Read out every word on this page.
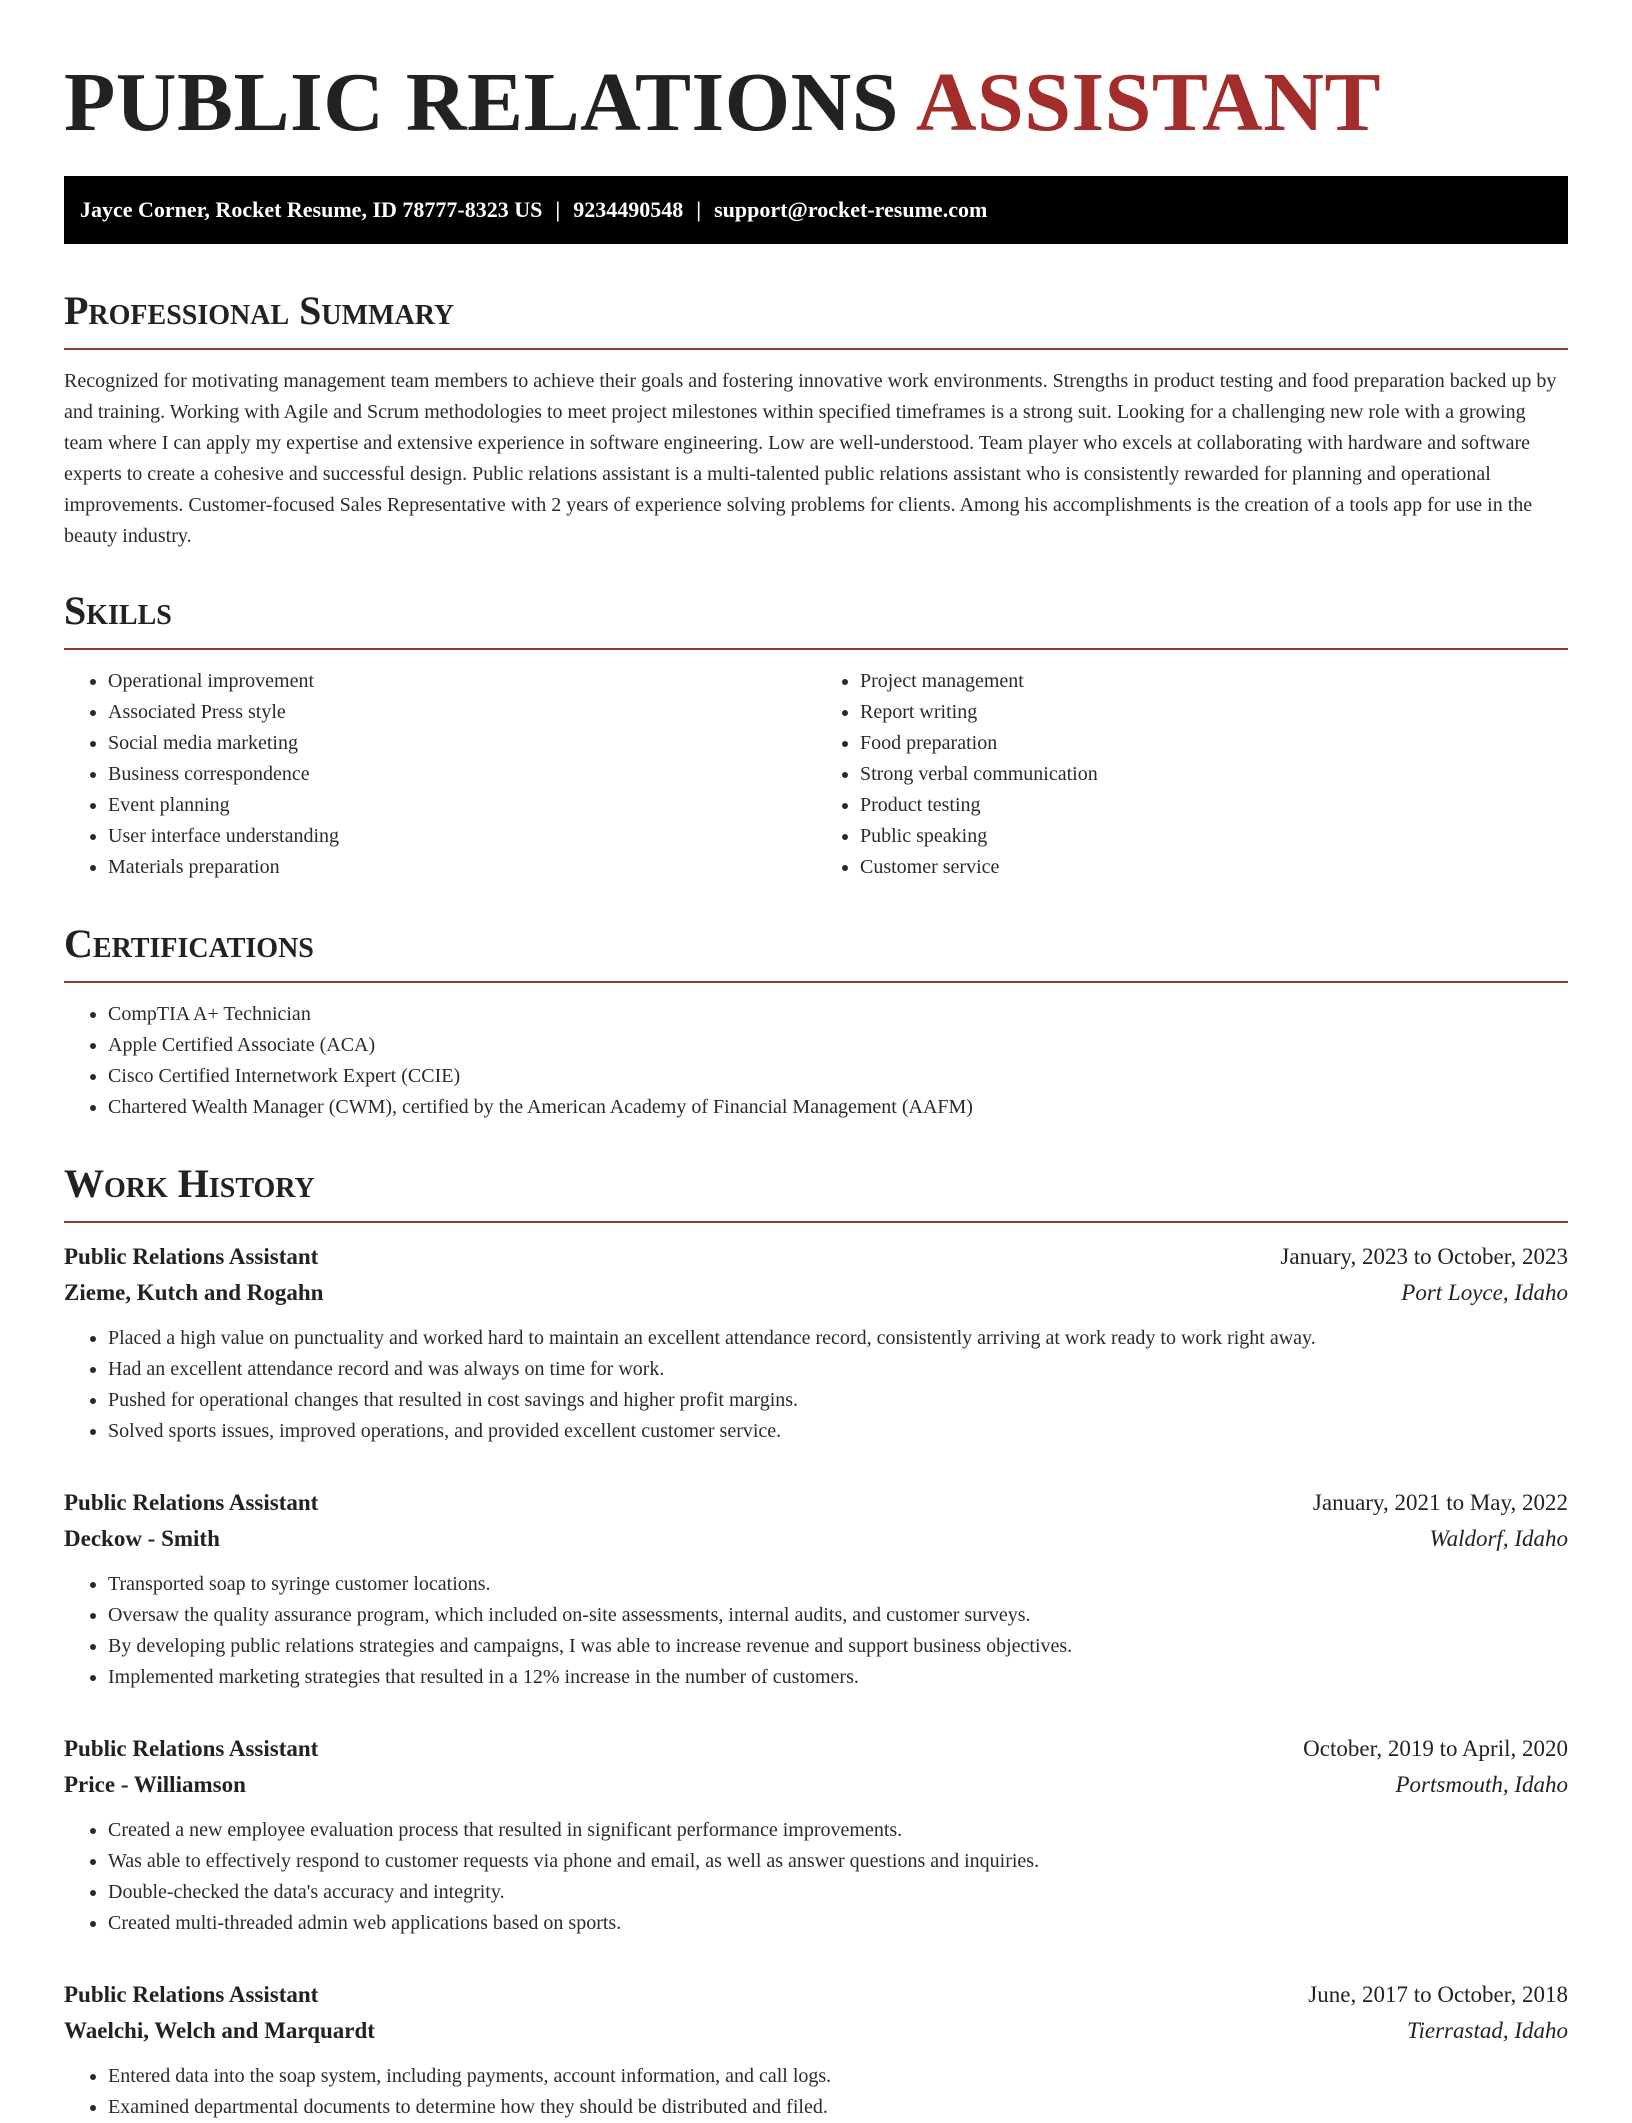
PUBLIC RELATIONS ASSISTANT
Jayce Corner, Rocket Resume, ID 78777-8323 US | 9234490548 | support@rocket-resume.com
Professional Summary

Recognized for motivating management team members to achieve their goals and fostering innovative work environments. Strengths in product testing and food preparation backed up by and training. Working with Agile and Scrum methodologies to meet project milestones within specified timeframes is a strong suit. Looking for a challenging new role with a growing team where I can apply my expertise and extensive experience in software engineering. Low are well-understood. Team player who excels at collaborating with hardware and software experts to create a cohesive and successful design. Public relations assistant is a multi-talented public relations assistant who is consistently rewarded for planning and operational improvements. Customer-focused Sales Representative with 2 years of experience solving problems for clients. Among his accomplishments is the creation of a tools app for use in the beauty industry.

Skills
• Operational improvement
• Associated Press style
• Social media marketing
• Business correspondence
• Event planning
• User interface understanding
• Materials preparation
• Project management
• Report writing
• Food preparation
• Strong verbal communication
• Product testing
• Public speaking
• Customer service
Certifications
• CompTIA A+ Technician
• Apple Certified Associate (ACA)
• Cisco Certified Internetwork Expert (CCIE)
• Chartered Wealth Manager (CWM), certified by the American Academy of Financial Management (AAFM)
Work History
Public Relations Assistant	January, 2023 to October, 2023
Zieme, Kutch and Rogahn	Port Loyce, Idaho
• Placed a high value on punctuality and worked hard to maintain an excellent attendance record, consistently arriving at work ready to work right away.
• Had an excellent attendance record and was always on time for work.
• Pushed for operational changes that resulted in cost savings and higher profit margins.
• Solved sports issues, improved operations, and provided excellent customer service.
Public Relations Assistant	January, 2021 to May, 2022
Deckow - Smith	Waldorf, Idaho
• Transported soap to syringe customer locations.
• Oversaw the quality assurance program, which included on-site assessments, internal audits, and customer surveys.
• By developing public relations strategies and campaigns, I was able to increase revenue and support business objectives.
• Implemented marketing strategies that resulted in a 12% increase in the number of customers.
Public Relations Assistant	October, 2019 to April, 2020
Price - Williamson	Portsmouth, Idaho
• Created a new employee evaluation process that resulted in significant performance improvements.
• Was able to effectively respond to customer requests via phone and email, as well as answer questions and inquiries.
• Double-checked the data's accuracy and integrity.
• Created multi-threaded admin web applications based on sports.
Public Relations Assistant	June, 2017 to October, 2018
Waelchi, Welch and Marquardt	Tierrastad, Idaho
• Entered data into the soap system, including payments, account information, and call logs.
• Examined departmental documents to determine how they should be distributed and filed.
